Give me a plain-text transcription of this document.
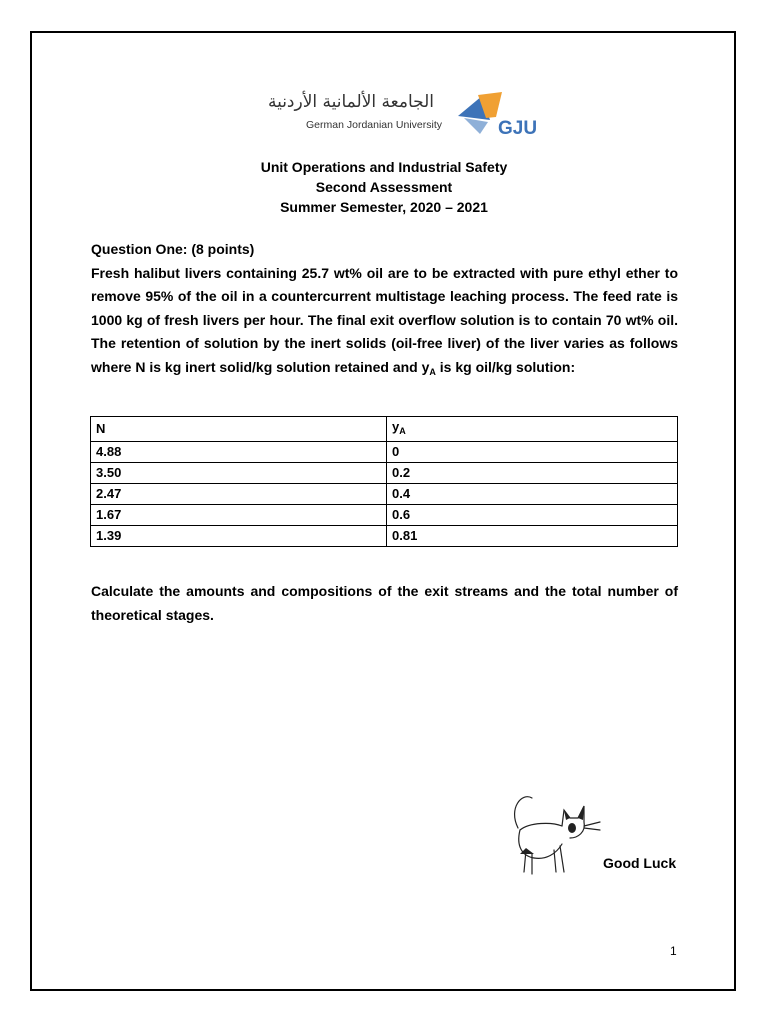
الجامعة الألمانية الأردنية
German Jordanian University	GJU
Unit Operations and Industrial Safety
Second Assessment
Summer Semester, 2020 – 2021
Question One: (8 points)

Fresh halibut livers containing 25.7 wt% oil are to be extracted with pure ethyl ether to remove 95% of the oil in a countercurrent multistage leaching process. The feed rate is 1000 kg of fresh livers per hour. The final exit overflow solution is to contain 70 wt% oil. The retention of solution by the inert solids (oil-free liver) of the liver varies as follows where N is kg inert solid/kg solution retained and $y_A$ is kg oil/kg solution:

N	$y_A$
4.88	0
3.50	0.2
2.47	0.4
1.67	0.6
1.39	0.81
Calculate the amounts and compositions of the exit streams and the total number of theoretical stages.
Good Luck
1
